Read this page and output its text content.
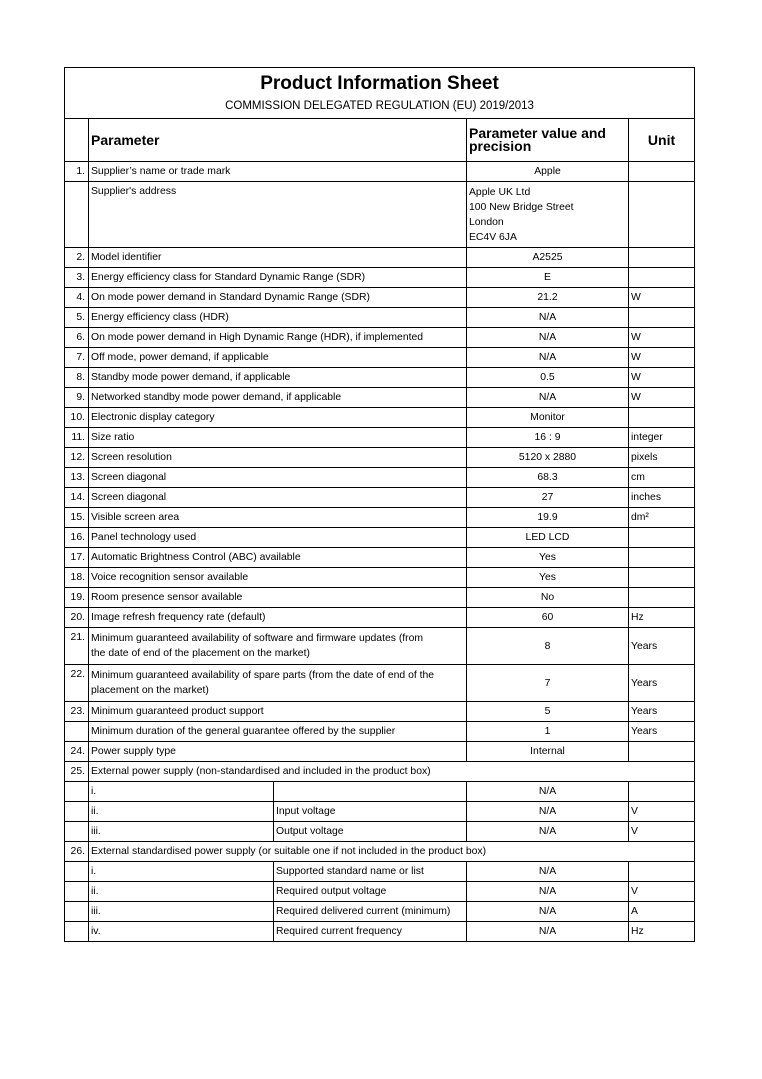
Product Information Sheet
COMMISSION DELEGATED REGULATION (EU) 2019/2013				

	Parameter		Parameter value and
precision	Unit
1.	Supplier’s name or trade mark		Apple	
	Supplier's address		Apple UK Ltd
100 New Bridge Street
London
EC4V 6JA	

2.	Model identifier		A2525	
3.	Energy efficiency class for Standard Dynamic Range (SDR)		E	
4.	On mode power demand in Standard Dynamic Range (SDR)		21.2	W
5.	Energy efficiency class (HDR)		N/A	
6.	On mode power demand in High Dynamic Range (HDR), if implemented		N/A	W
7.	Off mode, power demand, if applicable		N/A	W
8.	Standby mode power demand, if applicable		0.5	W
9.	Networked standby mode power demand, if applicable		N/A	W
10.	Electronic display category		Monitor	
11.	Size ratio		16 : 9	integer
12.	Screen resolution		5120 x 2880	pixels
13.	Screen diagonal		68.3	cm
14.	Screen diagonal		27	inches
15.	Visible screen area		19.9	dm²
16.	Panel technology used		LED LCD	
17.	Automatic Brightness Control (ABC) available		Yes	
18.	Voice recognition sensor available		Yes	
19.	Room presence sensor available		No	
20.	Image refresh frequency rate (default)		60	Hz
21.	Minimum guaranteed availability of software and firmware updates (from
the date of end of the placement on the market)		8	Years
22.	Minimum guaranteed availability of spare parts (from the date of end of the
placement on the market)		7	Years
23.	Minimum guaranteed product support		5	Years
	Minimum duration of the general guarantee offered by the supplier		1	Years
24.	Power supply type		Internal	
25.	External power supply (non-standardised and included in the product box)			
	i.		N/A	
	ii.	Input voltage	N/A	V
	iii.	Output voltage	N/A	V
26.	External standardised power supply (or suitable one if not included in the product box)			
	i.	Supported standard name or list	N/A	
	ii.	Required output voltage	N/A	V
	iii.	Required delivered current (minimum)	N/A	A
	iv.	Required current frequency	N/A	Hz
